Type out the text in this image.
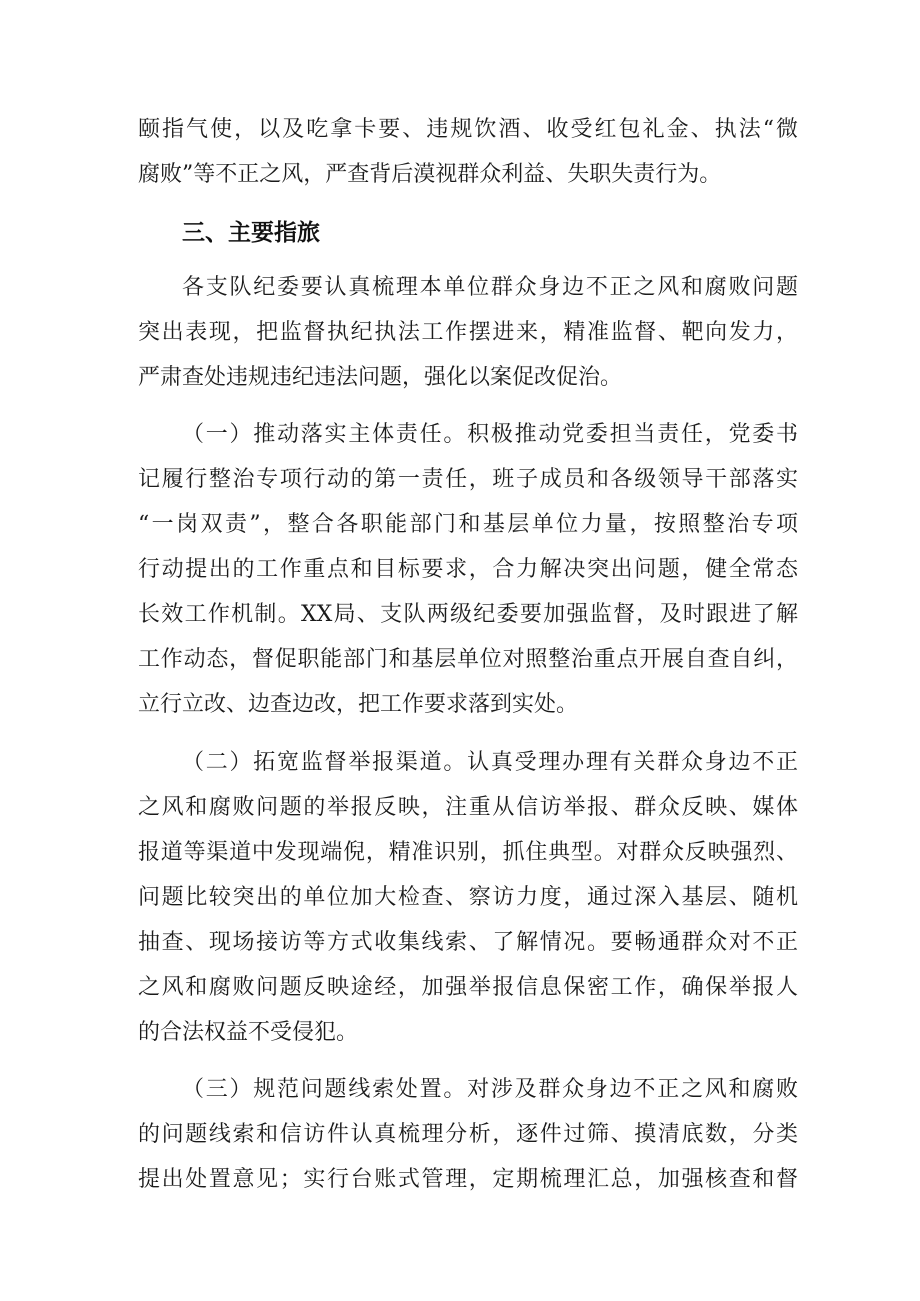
颐指气使，以及吃拿卡要、违规饮酒、收受红包礼金、执法“微
腐败”等不正之风，严查背后漠视群众利益、失职失责行为。
三、主要指旅
各支队纪委要认真梳理本单位群众身边不正之风和腐败问题
突出表现，把监督执纪执法工作摆进来，精准监督、靶向发力，
严肃查处违规违纪违法问题，强化以案促改促治。
（一）推动落实主体责任。积极推动党委担当责任，党委书
记履行整治专项行动的第一责任，班子成员和各级领导干部落实
“一岗双责”，整合各职能部门和基层单位力量，按照整治专项
行动提出的工作重点和目标要求，合力解决突出问题，健全常态
长效工作机制。XX局、支队两级纪委要加强监督，及时跟进了解
工作动态，督促职能部门和基层单位对照整治重点开展自查自纠，
立行立改、边查边改，把工作要求落到实处。
（二）拓宽监督举报渠道。认真受理办理有关群众身边不正
之风和腐败问题的举报反映，注重从信访举报、群众反映、媒体
报道等渠道中发现端倪，精准识别，抓住典型。对群众反映强烈、
问题比较突出的单位加大检查、察访力度，通过深入基层、随机
抽查、现场接访等方式收集线索、了解情况。要畅通群众对不正
之风和腐败问题反映途经，加强举报信息保密工作，确保举报人
的合法权益不受侵犯。
（三）规范问题线索处置。对涉及群众身边不正之风和腐败
的问题线索和信访件认真梳理分析，逐件过筛、摸清底数，分类
提出处置意见；实行台账式管理，定期梳理汇总，加强核查和督
